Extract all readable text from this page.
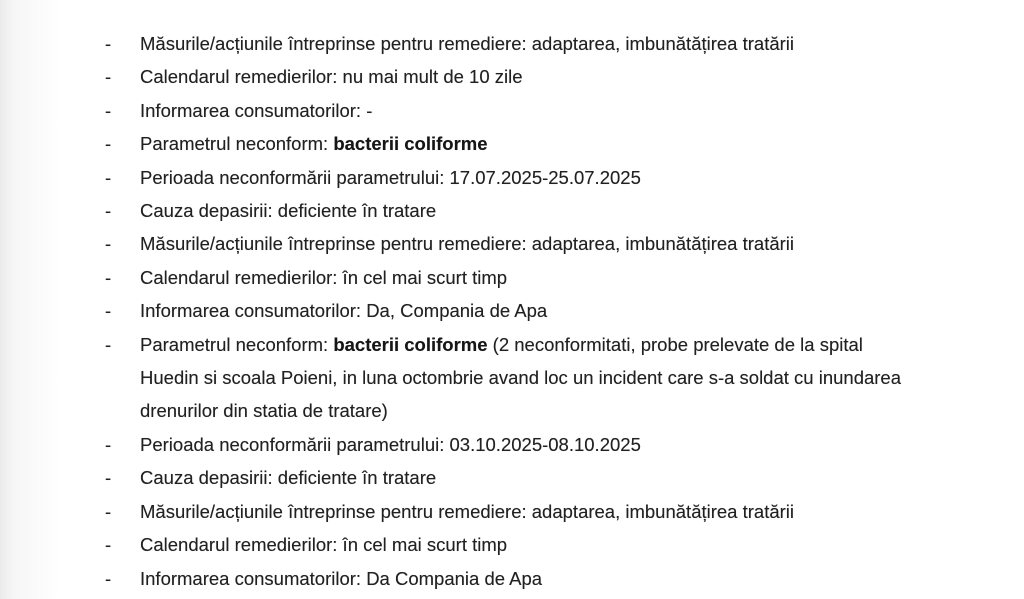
-	Măsurile/acțiunile întreprinse pentru remediere: adaptarea, imbunătățirea tratării
-	Calendarul remedierilor: nu mai mult de 10 zile
-	Informarea consumatorilor: -
-	Parametrul neconform: bacterii coliforme
-	Perioada neconformării parametrului: 17.07.2025-25.07.2025
-	Cauza depasirii: deficiente în tratare
-	Măsurile/acțiunile întreprinse pentru remediere: adaptarea, imbunătățirea tratării
-	Calendarul remedierilor: în cel mai scurt timp
-	Informarea consumatorilor: Da, Compania de Apa
-	Parametrul neconform: bacterii coliforme (2 neconformitati, probe prelevate de la spital Huedin si scoala Poieni, in luna octombrie avand loc un incident care s-a soldat cu inundarea drenurilor din statia de tratare)
-	Perioada neconformării parametrului: 03.10.2025-08.10.2025
-	Cauza depasirii: deficiente în tratare
-	Măsurile/acțiunile întreprinse pentru remediere: adaptarea, imbunătățirea tratării
-	Calendarul remedierilor: în cel mai scurt timp
-	Informarea consumatorilor: Da Compania de Apa
